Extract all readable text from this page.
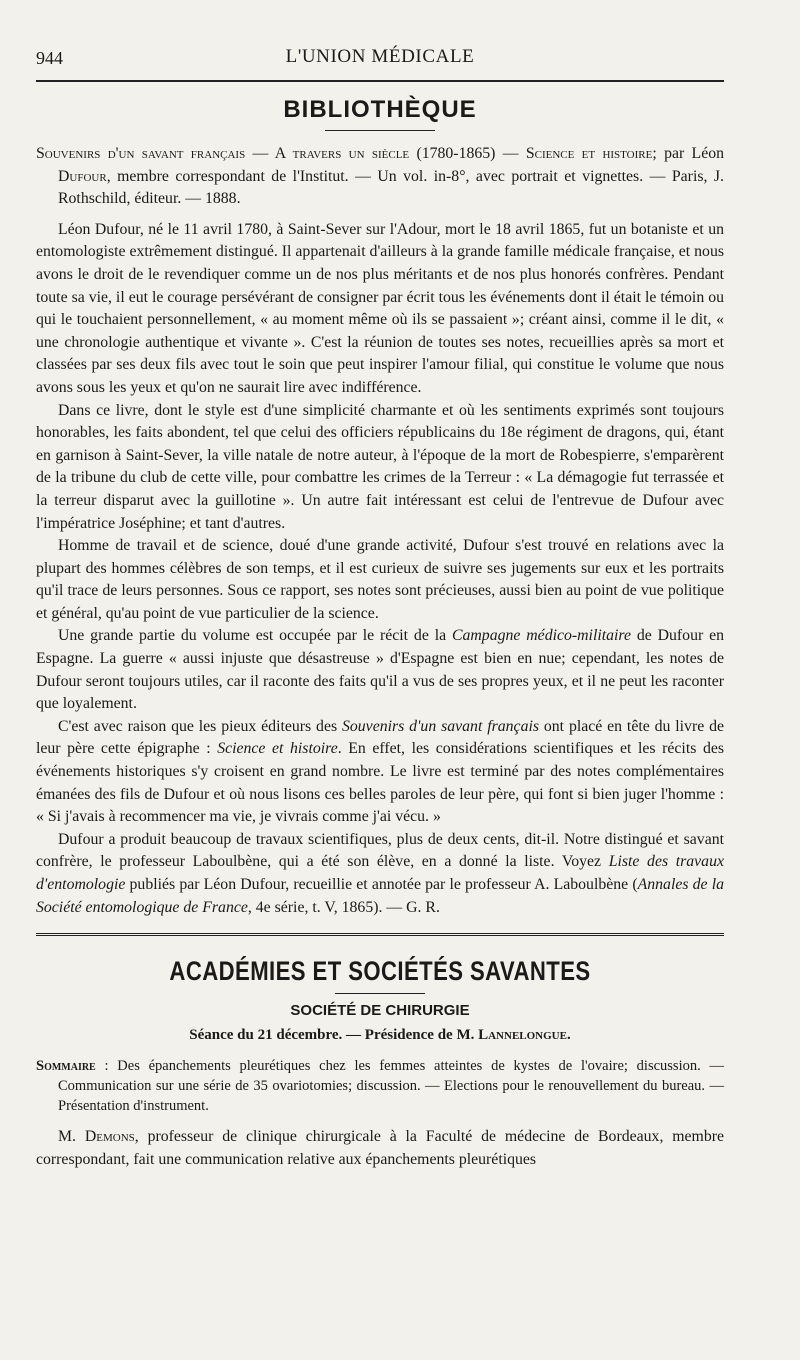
944	L'UNION MÉDICALE
BIBLIOTHÈQUE

Souvenirs d'un savant français — A travers un siècle (1780-1865) — Science et histoire; par Léon Dufour, membre correspondant de l'Institut. — Un vol. in-8°, avec portrait et vignettes. — Paris, J. Rothschild, éditeur. — 1888.

Léon Dufour, né le 11 avril 1780, à Saint-Sever sur l'Adour, mort le 18 avril 1865, fut un botaniste et un entomologiste extrêmement distingué. Il appartenait d'ailleurs à la grande famille médicale française, et nous avons le droit de le revendiquer comme un de nos plus méritants et de nos plus honorés confrères. Pendant toute sa vie, il eut le courage persévérant de consigner par écrit tous les événements dont il était le témoin ou qui le touchaient personnellement, « au moment même où ils se passaient »; créant ainsi, comme il le dit, « une chronologie authentique et vivante ». C'est la réunion de toutes ses notes, recueillies après sa mort et classées par ses deux fils avec tout le soin que peut inspirer l'amour filial, qui constitue le volume que nous avons sous les yeux et qu'on ne saurait lire avec indifférence.

Dans ce livre, dont le style est d'une simplicité charmante et où les sentiments exprimés sont toujours honorables, les faits abondent, tel que celui des officiers républicains du 18e régiment de dragons, qui, étant en garnison à Saint-Sever, la ville natale de notre auteur, à l'époque de la mort de Robespierre, s'emparèrent de la tribune du club de cette ville, pour combattre les crimes de la Terreur : « La démagogie fut terrassée et la terreur disparut avec la guillotine ». Un autre fait intéressant est celui de l'entrevue de Dufour avec l'impératrice Joséphine; et tant d'autres.

Homme de travail et de science, doué d'une grande activité, Dufour s'est trouvé en relations avec la plupart des hommes célèbres de son temps, et il est curieux de suivre ses jugements sur eux et les portraits qu'il trace de leurs personnes. Sous ce rapport, ses notes sont précieuses, aussi bien au point de vue politique et général, qu'au point de vue particulier de la science.

Une grande partie du volume est occupée par le récit de la Campagne médico-militaire de Dufour en Espagne. La guerre « aussi injuste que désastreuse » d'Espagne est bien en nue; cependant, les notes de Dufour seront toujours utiles, car il raconte des faits qu'il a vus de ses propres yeux, et il ne peut les raconter que loyalement.

C'est avec raison que les pieux éditeurs des Souvenirs d'un savant français ont placé en tête du livre de leur père cette épigraphe : Science et histoire. En effet, les considérations scientifiques et les récits des événements historiques s'y croisent en grand nombre. Le livre est terminé par des notes complémentaires émanées des fils de Dufour et où nous lisons ces belles paroles de leur père, qui font si bien juger l'homme : « Si j'avais à recommencer ma vie, je vivrais comme j'ai vécu. »

Dufour a produit beaucoup de travaux scientifiques, plus de deux cents, dit-il. Notre distingué et savant confrère, le professeur Laboulbène, qui a été son élève, en a donné la liste. Voyez Liste des travaux d'entomologie publiés par Léon Dufour, recueillie et annotée par le professeur A. Laboulbène (Annales de la Société entomologique de France, 4e série, t. V, 1865). — G. R.

ACADÉMIES ET SOCIÉTÉS SAVANTES
SOCIÉTÉ DE CHIRURGIE
Séance du 21 décembre. — Présidence de M. Lannelongue.
Sommaire : Des épanchements pleurétiques chez les femmes atteintes de kystes de l'ovaire; discussion. — Communication sur une série de 35 ovariotomies; discussion. — Elections pour le renouvellement du bureau. — Présentation d'instrument.

M. Demons, professeur de clinique chirurgicale à la Faculté de médecine de Bordeaux, membre correspondant, fait une communication relative aux épanchements pleurétiques
